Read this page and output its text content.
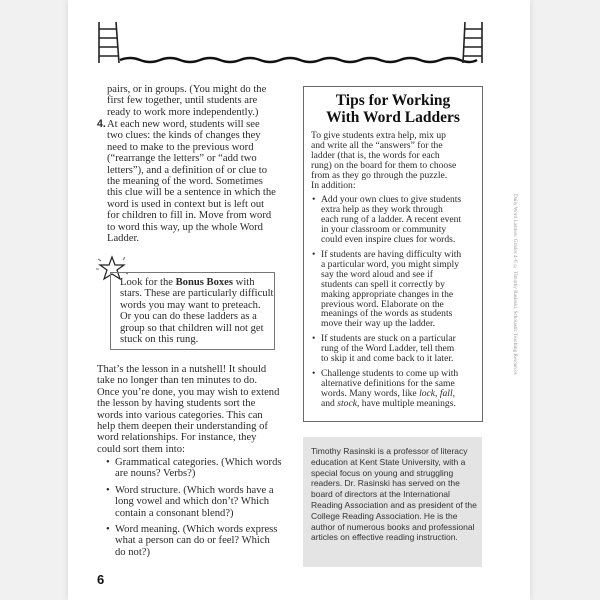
pairs, or in groups. (You might do the
first few together, until students are
ready to work more independently.)
4. At each new word, students will see
two clues: the kinds of changes they
need to make to the previous word
(“rearrange the letters” or “add two
letters”), and a definition of or clue to
the meaning of the word. Sometimes
this clue will be a sentence in which the
word is used in context but is left out
for children to fill in. Move from word
to word this way, up the whole Word
Ladder.
Look for the Bonus Boxes with
stars. These are particularly difficult
words you may want to preteach.
Or you can do these ladders as a
group so that children will not get
stuck on this rung.
That’s the lesson in a nutshell! It should
take no longer than ten minutes to do.
Once you’re done, you may wish to extend
the lesson by having students sort the
words into various categories. This can
help them deepen their understanding of
word relationships. For instance, they
could sort them into:
• Grammatical categories. (Which words
are nouns? Verbs?)
• Word structure. (Which words have a
long vowel and which don’t? Which
contain a consonant blend?)
• Word meaning. (Which words express
what a person can do or feel? Which
do not?)
6
Tips for Working
With Word Ladders
To give students extra help, mix up
and write all the “answers” for the
ladder (that is, the words for each
rung) on the board for them to choose
from as they go through the puzzle.
In addition:
• Add your own clues to give students
extra help as they work through
each rung of a ladder. A recent event
in your classroom or community
could even inspire clues for words.
• If students are having difficulty with
a particular word, you might simply
say the word aloud and see if
students can spell it correctly by
making appropriate changes in the
previous word. Elaborate on the
meanings of the words as students
move their way up the ladder.
• If students are stuck on a particular
rung of the Word Ladder, tell them
to skip it and come back to it later.
• Challenge students to come up with
alternative definitions for the same
words. Many words, like lock, fall,
and stock, have multiple meanings.
Timothy Rasinski is a professor of literacy
education at Kent State University, with a
special focus on young and struggling
readers. Dr. Rasinski has served on the
board of directors at the International
Reading Association and as president of the
College Reading Association. He is the
author of numerous books and professional
articles on effective reading instruction.
Daily Word Ladders: Grades 4–6 © Timothy Rasinski, Scholastic Teaching Resources
